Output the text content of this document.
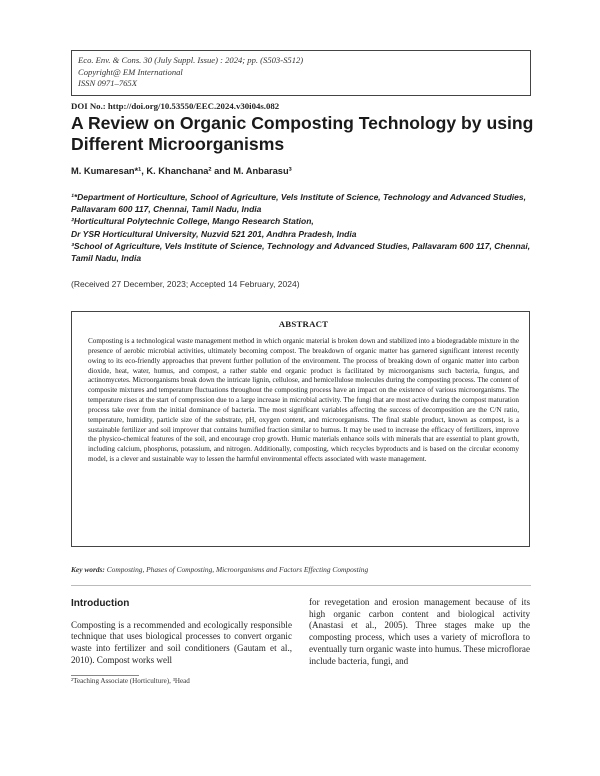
Eco. Env. & Cons. 30 (July Suppl. Issue) : 2024; pp. (S503-S512)
Copyright@ EM International
ISSN 0971–765X
DOI No.: http://doi.org/10.53550/EEC.2024.v30i04s.082
A Review on Organic Composting Technology by using Different Microorganisms
M. Kumaresan*¹, K. Khanchana² and M. Anbarasu³
¹*Department of Horticulture, School of Agriculture, Vels Institute of Science, Technology and Advanced Studies, Pallavaram 600 117, Chennai, Tamil Nadu, India
²Horticultural Polytechnic College, Mango Research Station,
Dr YSR Horticultural University, Nuzvid 521 201, Andhra Pradesh, India
³School of Agriculture, Vels Institute of Science, Technology and Advanced Studies, Pallavaram 600 117, Chennai, Tamil Nadu, India
(Received 27 December, 2023; Accepted 14 February, 2024)

ABSTRACT

Composting is a technological waste management method in which organic material is broken down and stabilized into a biodegradable mixture in the presence of aerobic microbial activities, ultimately becoming compost. The breakdown of organic matter has garnered significant interest recently owing to its eco-friendly approaches that prevent further pollution of the environment. The process of breaking down of organic matter into carbon dioxide, heat, water, humus, and compost, a rather stable end organic product is facilitated by microorganisms such bacteria, fungus, and actinomycetes. Microorganisms break down the intricate lignin, cellulose, and hemicellulose molecules during the composting process. The content of composite mixtures and temperature fluctuations throughout the composting process have an impact on the existence of various microorganisms. The temperature rises at the start of compression due to a large increase in microbial activity. The fungi that are most active during the compost maturation process take over from the initial dominance of bacteria. The most significant variables affecting the success of decomposition are the C/N ratio, temperature, humidity, particle size of the substrate, pH, oxygen content, and microorganisms. The final stable product, known as compost, is a sustainable fertilizer and soil improver that contains humified fraction similar to humus. It may be used to increase the efficacy of fertilizers, improve the physico-chemical features of the soil, and encourage crop growth. Humic materials enhance soils with minerals that are essential to plant growth, including calcium, phosphorus, potassium, and nitrogen. Additionally, composting, which recycles byproducts and is based on the circular economy model, is a clever and sustainable way to lessen the harmful environmental effects associated with waste management.

Key words: Composting, Phases of Composting, Microorganisms and Factors Effecting Composting
Introduction
Composting is a recommended and ecologically responsible technique that uses biological processes to convert organic waste into fertilizer and soil conditioners (Gautam et al., 2010). Compost works well
for revegetation and erosion management because of its high organic carbon content and biological activity (Anastasi et al., 2005). Three stages make up the composting process, which uses a variety of microflora to eventually turn organic waste into humus. These microflorae include bacteria, fungi, and
²Teaching Associate (Horticulture), ³Head
